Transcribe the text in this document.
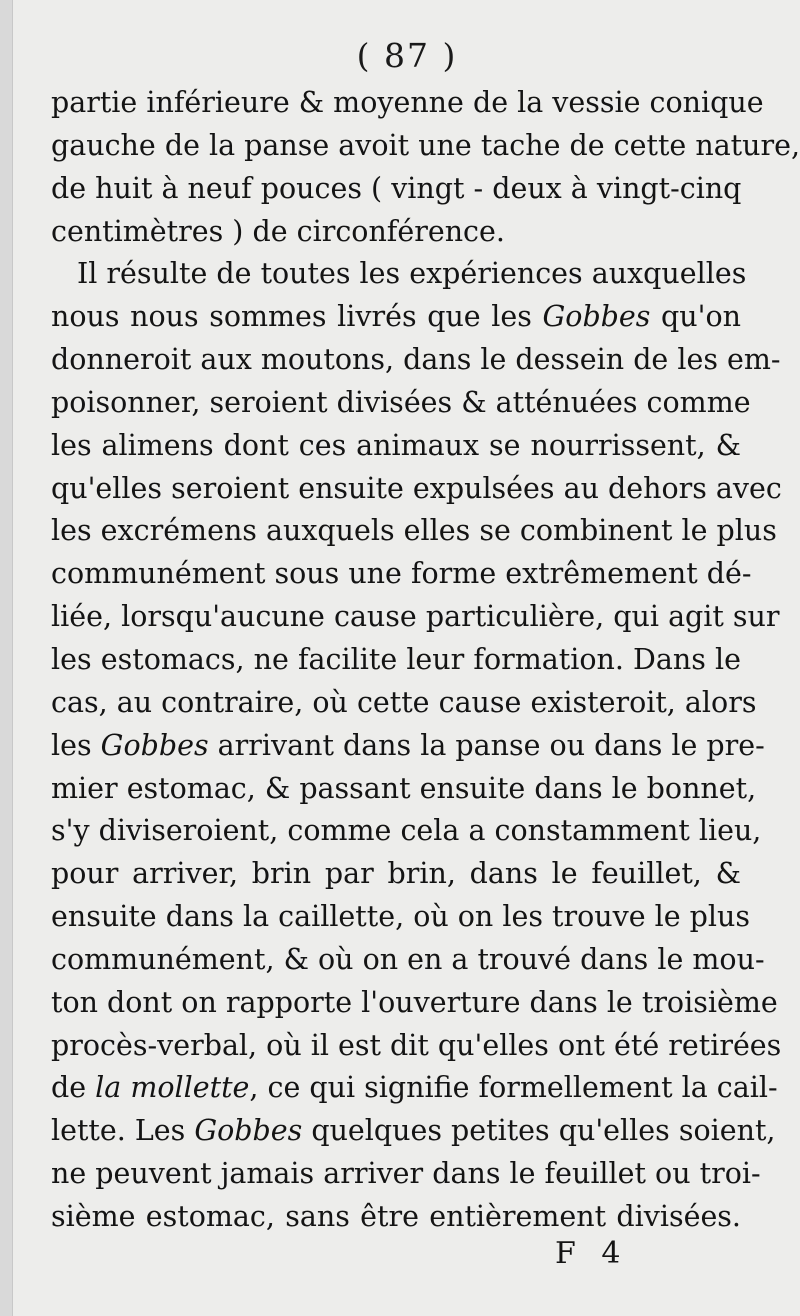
( 87 )
partie inférieure & moyenne de la vessie conique
gauche de la panse avoit une tache de cette nature,
de huit à neuf pouces ( vingt - deux à vingt-cinq
centimètres ) de circonférence.
Il résulte de toutes les expériences auxquelles
nous nous sommes livrés que les Gobbes qu'on
donneroit aux moutons, dans le dessein de les em-
poisonner, seroient divisées & atténuées comme
les alimens dont ces animaux se nourrissent, &
qu'elles seroient ensuite expulsées au dehors avec
les excrémens auxquels elles se combinent le plus
communément sous une forme extrêmement dé-
liée, lorsqu'aucune cause particulière, qui agit sur
les estomacs, ne facilite leur formation. Dans le
cas, au contraire, où cette cause existeroit, alors
les Gobbes arrivant dans la panse ou dans le pre-
mier estomac, & passant ensuite dans le bonnet,
s'y diviseroient, comme cela a constamment lieu,
pour arriver, brin par brin, dans le feuillet, &
ensuite dans la caillette, où on les trouve le plus
communément, & où on en a trouvé dans le mou-
ton dont on rapporte l'ouverture dans le troisième
procès-verbal, où il est dit qu'elles ont été retirées
de la mollette, ce qui signifie formellement la cail-
lette. Les Gobbes quelques petites qu'elles soient,
ne peuvent jamais arriver dans le feuillet ou troi-
sième estomac, sans être entièrement divisées.
F 4
